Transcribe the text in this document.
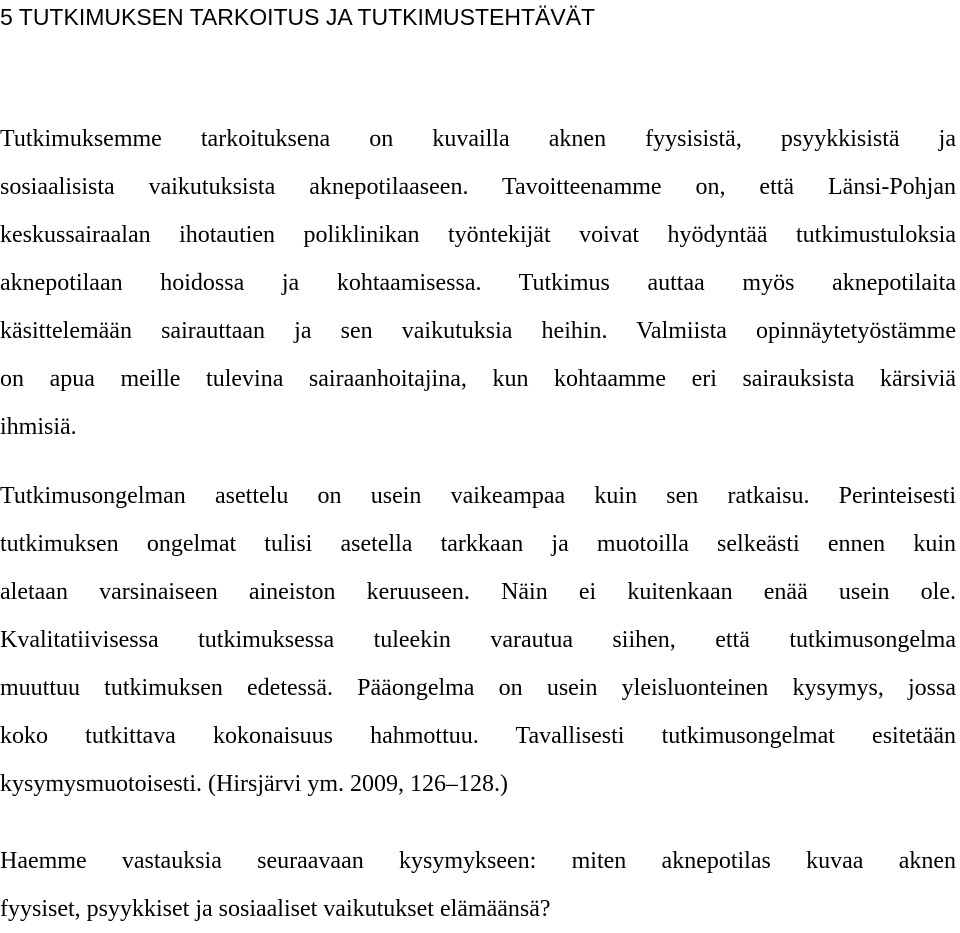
5 TUTKIMUKSEN TARKOITUS JA TUTKIMUSTEHTÄVÄT
Tutkimuksemme tarkoituksena on kuvailla aknen fyysisistä, psyykkisistä ja
sosiaalisista vaikutuksista aknepotilaaseen. Tavoitteenamme on, että Länsi-Pohjan
keskussairaalan ihotautien poliklinikan työntekijät voivat hyödyntää tutkimustuloksia
aknepotilaan hoidossa ja kohtaamisessa. Tutkimus auttaa myös aknepotilaita
käsittelemään sairauttaan ja sen vaikutuksia heihin. Valmiista opinnäytetyöstämme
on apua meille tulevina sairaanhoitajina, kun kohtaamme eri sairauksista kärsiviä
ihmisiä.
Tutkimusongelman asettelu on usein vaikeampaa kuin sen ratkaisu. Perinteisesti
tutkimuksen ongelmat tulisi asetella tarkkaan ja muotoilla selkeästi ennen kuin
aletaan varsinaiseen aineiston keruuseen. Näin ei kuitenkaan enää usein ole.
Kvalitatiivisessa tutkimuksessa tuleekin varautua siihen, että tutkimusongelma
muuttuu tutkimuksen edetessä. Pääongelma on usein yleisluonteinen kysymys, jossa
koko tutkittava kokonaisuus hahmottuu. Tavallisesti tutkimusongelmat esitetään
kysymysmuotoisesti. (Hirsjärvi ym. 2009, 126–128.)
Haemme vastauksia seuraavaan kysymykseen: miten aknepotilas kuvaa aknen
fyysiset, psyykkiset ja sosiaaliset vaikutukset elämäänsä?
